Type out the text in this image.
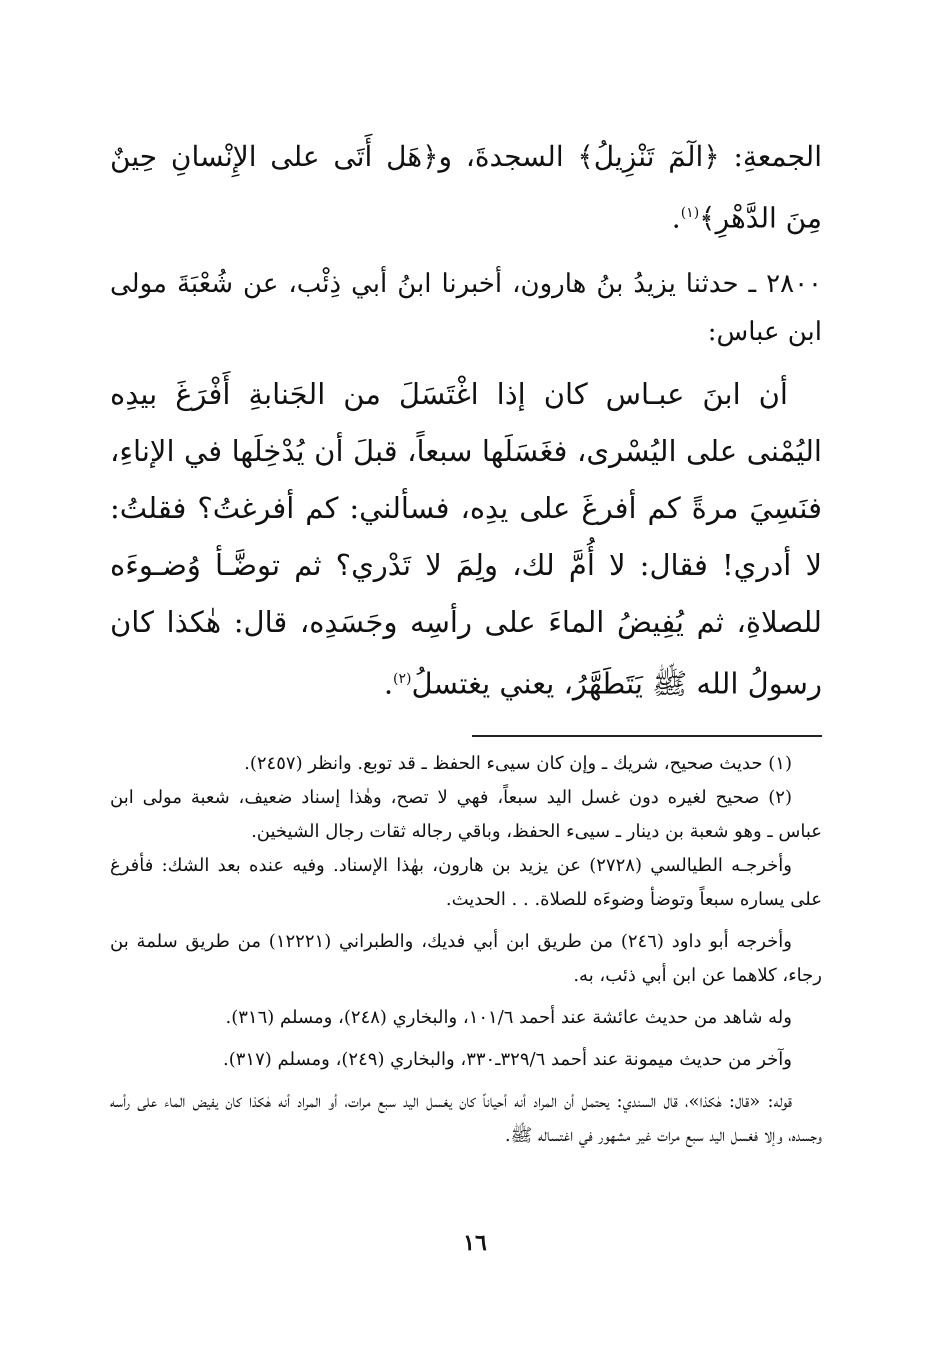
الجمعةِ: ﴿الٓمٓ تَنْزِيلُ﴾ السجدةَ، و﴿هَل أَتَى على الإِنْسانِ حِينٌ مِنَ الدَّهْرِ﴾$^{(١)}$.

٢٨٠٠ ـ حدثنا يزيدُ بنُ هارون، أخبرنا ابنُ أبي ذِئْب، عن شُعْبَةَ مولى ابن عباس:

أن ابنَ عبـاس كان إذا اغْتَسَلَ من الجَنابةِ أَفْرَغَ بيدِه اليُمْنى على اليُسْرى، فغَسَلَها سبعاً، قبلَ أن يُدْخِلَها في الإناءِ، فنَسِيَ مرةً كم أفرغَ على يدِه، فسألني: كم أفرغتُ؟ فقلتُ: لا أدري! فقال: لا أُمَّ لك، ولِمَ لا تَدْري؟ ثم توضَّـأ وُضـوءَه للصلاةِ، ثم يُفِيضُ الماءَ على رأسِه وجَسَدِه، قال: هٰكذا كان رسولُ الله ﷺ يَتَطَهَّرُ، يعني يغتسلُ$^{(٢)}$.

(١) حديث صحيح، شريك ـ وإن كان سيىء الحفظ ـ قد توبع. وانظر (٢٤٥٧).

(٢) صحيح لغيره دون غسل اليد سبعاً، فهي لا تصح، وهٰذا إسناد ضعيف، شعبة مولى ابن عباس ـ وهو شعبة بن دينار ـ سيىء الحفظ، وباقي رجاله ثقات رجال الشيخين.

وأخرجـه الطيالسي (٢٧٢٨) عن يزيد بن هارون، بهٰذا الإسناد. وفيه عنده بعد الشك: فأفرغ على يساره سبعاً وتوضأ وضوءَه للصلاة. . . الحديث.

وأخرجه أبو داود (٢٤٦) من طريق ابن أبي فديك، والطبراني (١٢٢٢١) من طريق سلمة بن رجاء، كلاهما عن ابن أبي ذئب، به.

وله شاهد من حديث عائشة عند أحمد ١٠١/٦، والبخاري (٢٤٨)، ومسلم (٣١٦).

وآخر من حديث ميمونة عند أحمد ٣٢٩/٦ـ٣٣٠، والبخاري (٢٤٩)، ومسلم (٣١٧).

قوله: «قال: هٰكذا»، قال السندي: يحتمل أن المراد أنه أحياناً كان يغسل اليد سبع مرات، أو المراد أنه هٰكذا كان يفيض الماء على رأسه وجسده، وإلا فغسل اليد سبع مرات غير مشهور في اغتساله ﷺ.

١٦
